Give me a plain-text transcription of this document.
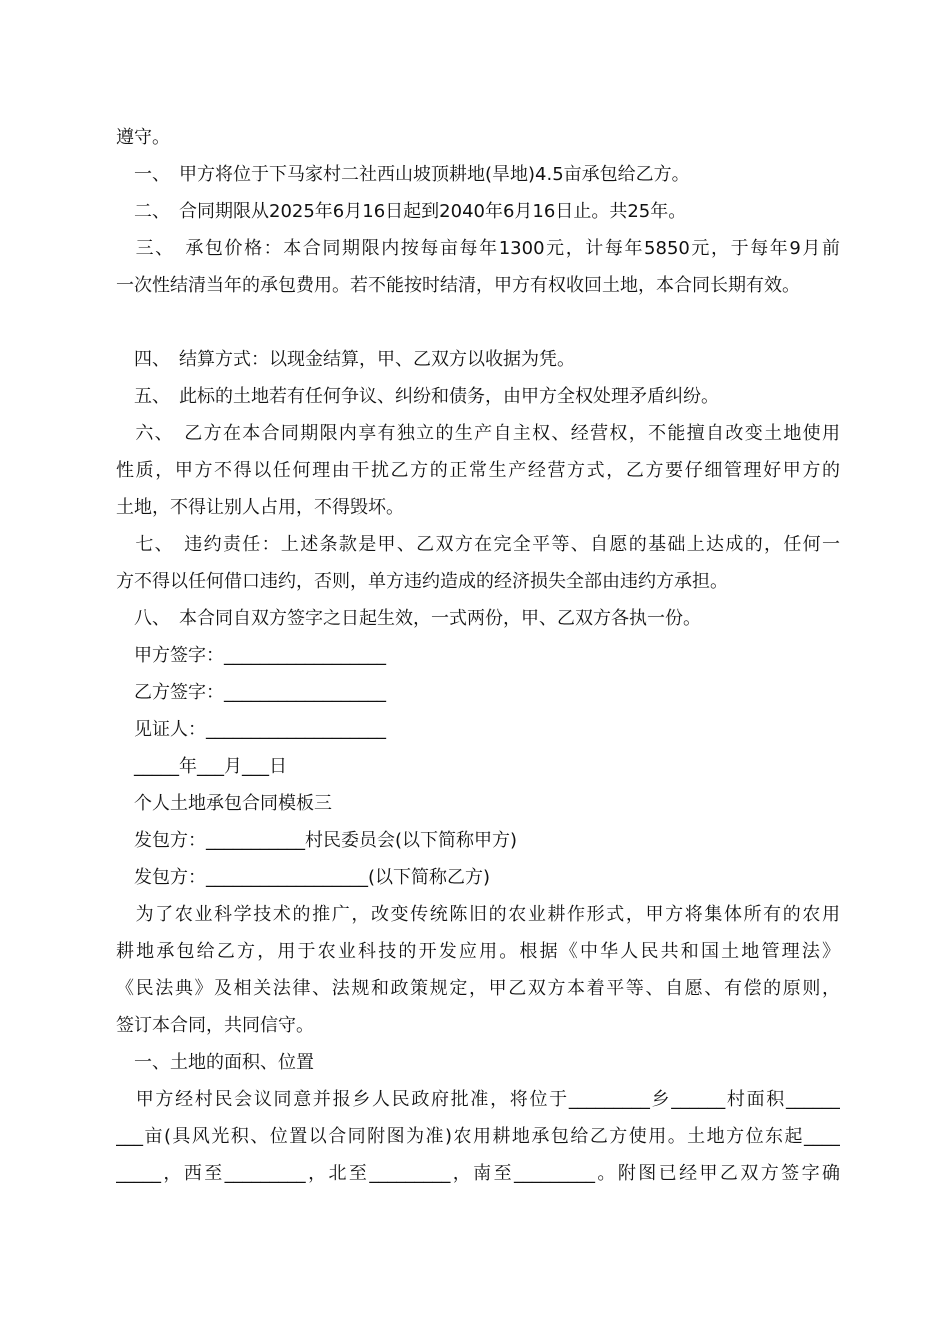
遵守。
　一、　甲方将位于下马家村二社西山坡顶耕地(旱地)4.5亩承包给乙方。
　二、　合同期限从2025年6月16日起到2040年6月16日止。共25年。
　三、　承包价格：本合同期限内按每亩每年1300元，计每年5850元，于每年9月前
一次性结清当年的承包费用。若不能按时结清，甲方有权收回土地，本合同长期有效。
　四、　结算方式：以现金结算，甲、乙双方以收据为凭。
　五、　此标的土地若有任何争议、纠纷和债务，由甲方全权处理矛盾纠纷。
　六、　乙方在本合同期限内享有独立的生产自主权、经营权，不能擅自改变土地使用
性质，甲方不得以任何理由干扰乙方的正常生产经营方式，乙方要仔细管理好甲方的
土地，不得让别人占用，不得毁坏。
　七、　违约责任：上述条款是甲、乙双方在完全平等、自愿的基础上达成的，任何一
方不得以任何借口违约，否则，单方违约造成的经济损失全部由违约方承担。
　八、　本合同自双方签字之日起生效，一式两份，甲、乙双方各执一份。
　甲方签字：__________________
　乙方签字：__________________
　见证人：____________________
　_____年___月___日
　个人土地承包合同模板三
　发包方：___________村民委员会(以下简称甲方)
　发包方：__________________(以下简称乙方)
　为了农业科学技术的推广，改变传统陈旧的农业耕作形式，甲方将集体所有的农用
耕地承包给乙方，用于农业科技的开发应用。根据《中华人民共和国土地管理法》
《民法典》及相关法律、法规和政策规定，甲乙双方本着平等、自愿、有偿的原则，
签订本合同，共同信守。
　一、土地的面积、位置
　甲方经村民会议同意并报乡人民政府批准，将位于_________乡______村面积______
___亩(具风光积、位置以合同附图为准)农用耕地承包给乙方使用。土地方位东起____
_____，西至_________，北至_________，南至_________。附图已经甲乙双方签字确
